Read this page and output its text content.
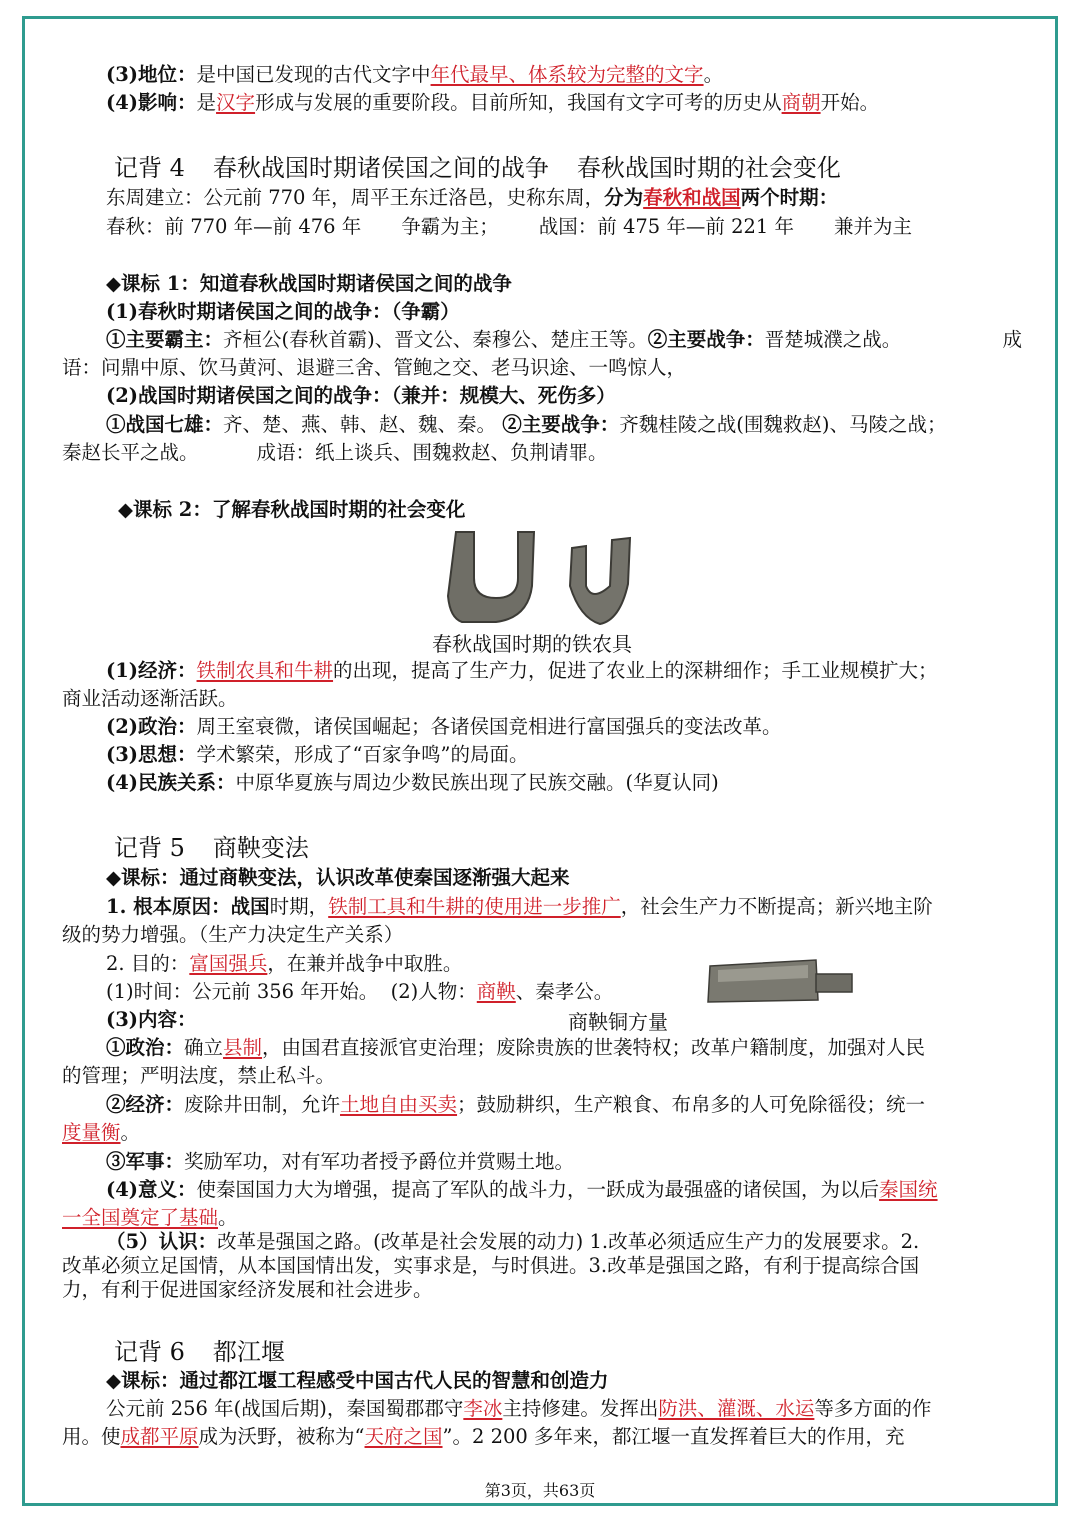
(3)地位：是中国已发现的古代文字中年代最早、体系较为完整的文字。
(4)影响：是汉字形成与发展的重要阶段。目前所知，我国有文字可考的历史从商朝开始。
记背 4 春秋战国时期诸侯国之间的战争 春秋战国时期的社会变化
东周建立：公元前 770 年，周平王东迁洛邑，史称东周，分为春秋和战国两个时期：
春秋：前 770 年—前 476 年 争霸为主； 战国：前 475 年—前 221 年 兼并为主
◆课标 1：知道春秋战国时期诸侯国之间的战争
(1)春秋时期诸侯国之间的战争：（争霸）
①主要霸主：齐桓公(春秋首霸)、晋文公、秦穆公、楚庄王等。②主要战争：晋楚城濮之战。	成
语：问鼎中原、饮马黄河、退避三舍、管鲍之交、老马识途、一鸣惊人，
(2)战国时期诸侯国之间的战争：（兼并：规模大、死伤多）
①战国七雄：齐、楚、燕、韩、赵、魏、秦。 ②主要战争：齐魏桂陵之战(围魏救赵)、马陵之战；
秦赵长平之战。	成语：纸上谈兵、围魏救赵、负荆请罪。
◆课标 2：了解春秋战国时期的社会变化
春秋战国时期的铁农具
(1)经济：铁制农具和牛耕的出现，提高了生产力，促进了农业上的深耕细作；手工业规模扩大；
商业活动逐渐活跃。
(2)政治：周王室衰微，诸侯国崛起；各诸侯国竞相进行富国强兵的变法改革。
(3)思想：学术繁荣，形成了“百家争鸣”的局面。
(4)民族关系：中原华夏族与周边少数民族出现了民族交融。(华夏认同)
记背 5 商鞅变法
◆课标：通过商鞅变法，认识改革使秦国逐渐强大起来
1. 根本原因：战国时期，铁制工具和牛耕的使用进一步推广，社会生产力不断提高；新兴地主阶
级的势力增强。（生产力决定生产关系）
2. 目的：富国强兵，在兼并战争中取胜。
(1)时间：公元前 356 年开始。 (2)人物：商鞅、秦孝公。
(3)内容：	商鞅铜方量
①政治：确立县制，由国君直接派官吏治理；废除贵族的世袭特权；改革户籍制度，加强对人民
的管理；严明法度，禁止私斗。
②经济：废除井田制，允许土地自由买卖；鼓励耕织，生产粮食、布帛多的人可免除徭役；统一
度量衡。
③军事：奖励军功，对有军功者授予爵位并赏赐土地。
(4)意义：使秦国国力大为增强，提高了军队的战斗力，一跃成为最强盛的诸侯国，为以后秦国统
一全国奠定了基础。
（5）认识：改革是强国之路。(改革是社会发展的动力) 1.改革必须适应生产力的发展要求。2.
改革必须立足国情，从本国国情出发，实事求是，与时俱进。3.改革是强国之路，有利于提高综合国
力，有利于促进国家经济发展和社会进步。
记背 6 都江堰
◆课标：通过都江堰工程感受中国古代人民的智慧和创造力
公元前 256 年(战国后期)，秦国蜀郡郡守李冰主持修建。发挥出防洪、灌溉、水运等多方面的作
用。使成都平原成为沃野，被称为“天府之国”。2 200 多年来，都江堰一直发挥着巨大的作用，充
第3页，共63页
